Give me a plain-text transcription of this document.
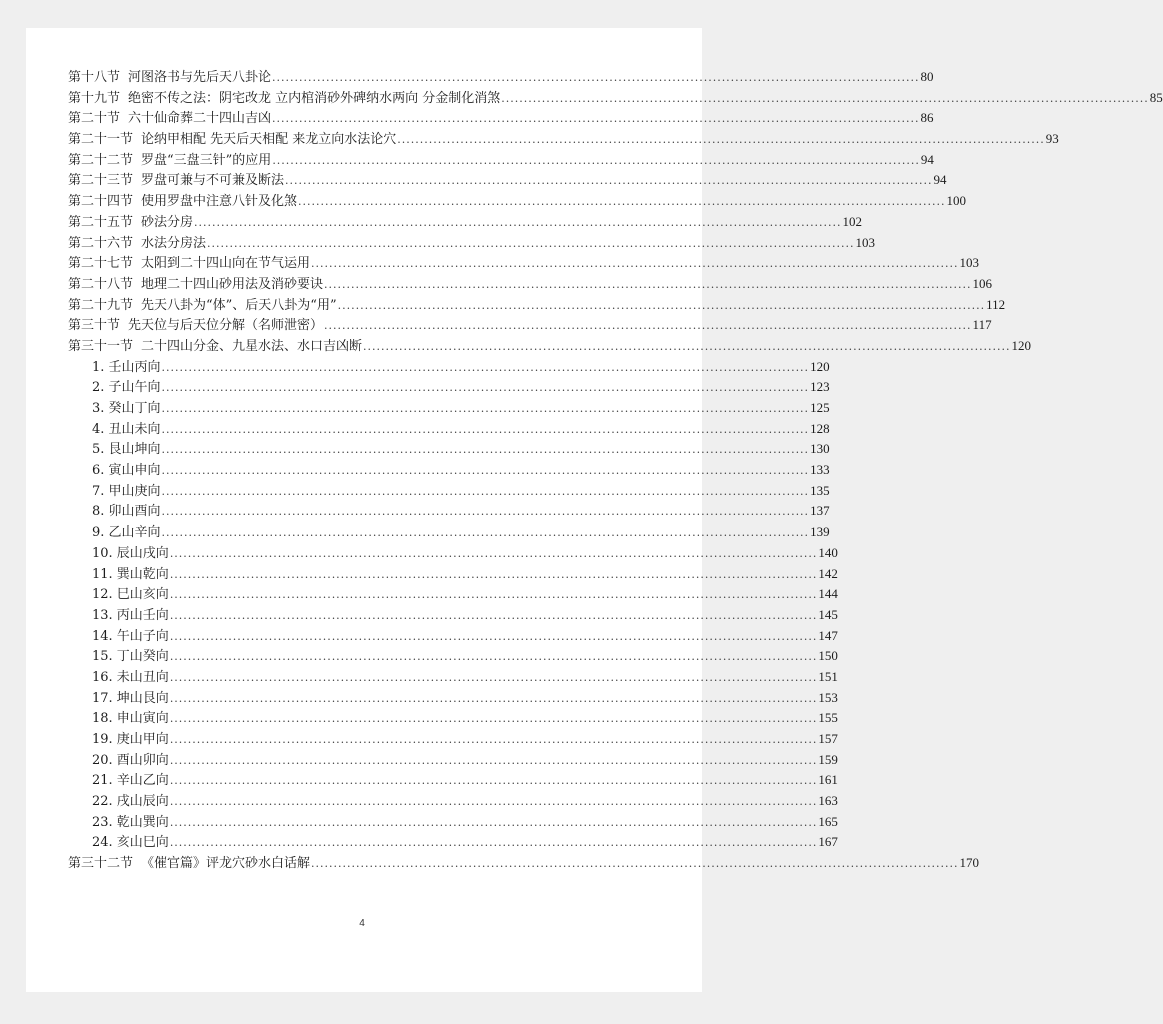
第十八节 河图洛书与先后天八卦论 .....	80
第十九节 绝密不传之法：阴宅改龙 立内棺消砂外碑纳水两向 分金制化消煞 .....	85
第二十节 六十仙命葬二十四山吉凶 .....	86
第二十一节 论纳甲相配 先天后天相配 来龙立向水法论穴 .....	93
第二十二节 罗盘“三盘三针”的应用 .....	94
第二十三节 罗盘可兼与不可兼及断法 .....	94
第二十四节 使用罗盘中注意八针及化煞 .....	100
第二十五节 砂法分房 .....	102
第二十六节 水法分房法 .....	103
第二十七节 太阳到二十四山向在节气运用 .....	103
第二十八节 地理二十四山砂用法及消砂要诀 .....	106
第二十九节 先天八卦为“体”、后天八卦为“用” .....	112
第三十节 先天位与后天位分解（名师泄密） .....	117
第三十一节 二十四山分金、九星水法、水口吉凶断 .....	120
1. 壬山丙向 .....	120
2. 子山午向 .....	123
3. 癸山丁向 .....	125
4. 丑山未向 .....	128
5. 艮山坤向 .....	130
6. 寅山申向 .....	133
7. 甲山庚向 .....	135
8. 卯山酉向 .....	137
9. 乙山辛向 .....	139
10. 辰山戌向 .....	140
11. 巽山乾向 .....	142
12. 巳山亥向 .....	144
13. 丙山壬向 .....	145
14. 午山子向 .....	147
15. 丁山癸向 .....	150
16. 未山丑向 .....	151
17. 坤山艮向 .....	153
18. 申山寅向 .....	155
19. 庚山甲向 .....	157
20. 酉山卯向 .....	159
21. 辛山乙向 .....	161
22. 戌山辰向 .....	163
23. 乾山巽向 .....	165
24. 亥山巳向 .....	167
第三十二节 《催官篇》评龙穴砂水白话解 .....	170
4
